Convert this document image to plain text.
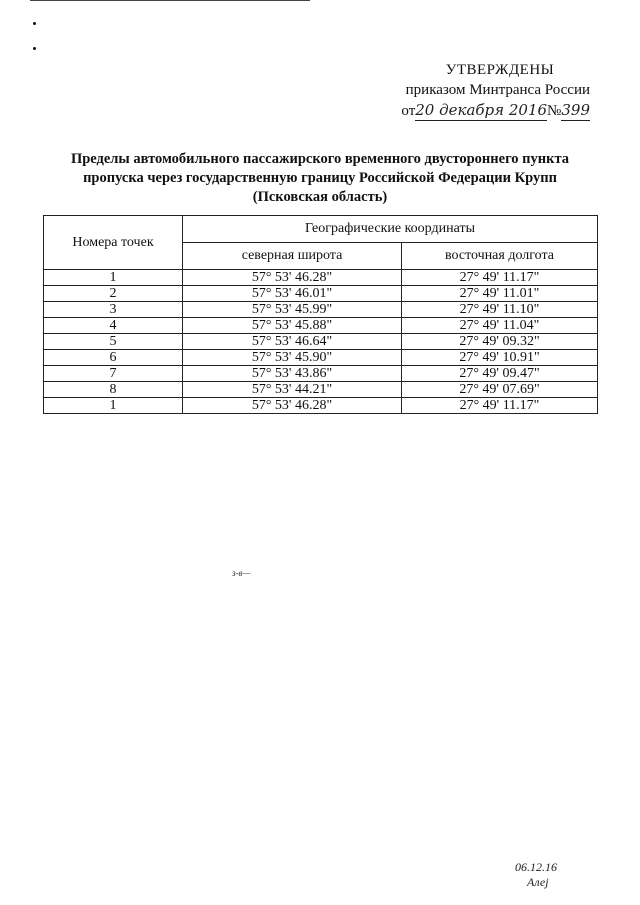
УТВЕРЖДЕНЫ
приказом Минтранса России
от20 декабря 2016№399
Пределы автомобильного пассажирского временного двустороннего пункта
пропуска через государственную границу Российской Федерации Крупп
(Псковская область)
Номера точек	Географические координаты	
	северная широта	восточная долгота
1	57° 53' 46.28"	27° 49' 11.17"
2	57° 53' 46.01"	27° 49' 11.01"
3	57° 53' 45.99"	27° 49' 11.10"
4	57° 53' 45.88"	27° 49' 11.04"
5	57° 53' 46.64"	27° 49' 09.32"
6	57° 53' 45.90"	27° 49' 10.91"
7	57° 53' 43.86"	27° 49' 09.47"
8	57° 53' 44.21"	27° 49' 07.69"
1	57° 53' 46.28"	27° 49' 11.17"
з-в—
06.12.16
Алеј
